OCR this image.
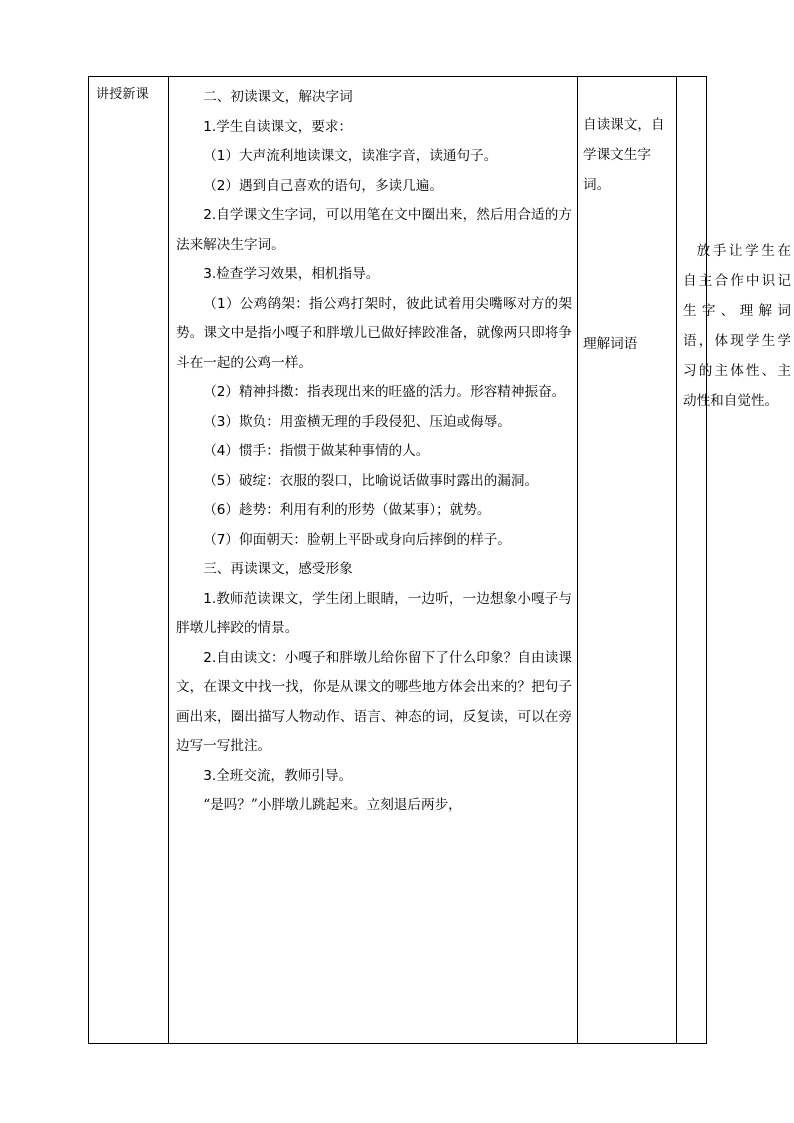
讲授新课	二、初读课文，解决字词

1.学生自读课文，要求：

（1）大声流利地读课文，读准字音，读通句子。

（2）遇到自己喜欢的语句，多读几遍。

2.自学课文生字词，可以用笔在文中圈出来，然后用合适的方法来解决生字词。

3.检查学习效果，相机指导。

（1）公鸡鹐架：指公鸡打架时，彼此试着用尖嘴啄对方的架势。课文中是指小嘎子和胖墩儿已做好摔跤准备，就像两只即将争斗在一起的公鸡一样。

（2）精神抖擞：指表现出来的旺盛的活力。形容精神振奋。

（3）欺负：用蛮横无理的手段侵犯、压迫或侮辱。

（4）惯手：指惯于做某种事情的人。

（5）破绽：衣服的裂口，比喻说话做事时露出的漏洞。

（6）趁势：利用有利的形势（做某事）；就势。

（7）仰面朝天：脸朝上平卧或身向后摔倒的样子。

三、再读课文，感受形象

1.教师范读课文，学生闭上眼睛，一边听，一边想象小嘎子与胖墩儿摔跤的情景。

2.自由读文：小嘎子和胖墩儿给你留下了什么印象？自由读课文，在课文中找一找，你是从课文的哪些地方体会出来的？把句子画出来，圈出描写人物动作、语言、神态的词，反复读，可以在旁边写一写批注。

3.全班交流，教师引导。

“是吗？”小胖墩儿跳起来。立刻退后两步，

自读课文，自学课文生字词。
理解词语

放手让学生在自主合作中识记生字、理解词语，体现学生学习的主体性、主动性和自觉性。
